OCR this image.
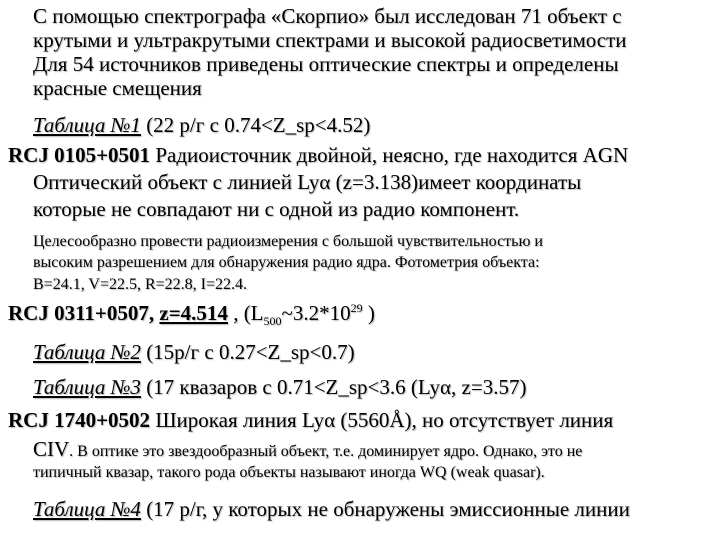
С помощью спектрографа «Скорпио» был исследован 71 объект с
крутыми и ультракрутыми спектрами и высокой радиосветимости
Для 54 источников приведены оптические спектры и определены
красные смещения
Таблица №1 (22 р/г с 0.74<Z_sp<4.52)
RCJ 0105+0501 Радиоисточник двойной, неясно, где находится AGN
Оптический объект с линией Lyα (z=3.138)имеет координаты
которые не совпадают ни с одной из радио компонент.
Целесообразно провести радиоизмерения с большой чувствительностью и
высоким разрешением для обнаружения радио ядра. Фотометрия объекта:
B=24.1, V=22.5, R=22.8, I=22.4.
RCJ 0311+0507, z=4.514 , ($L_{500}\sim 3.2*10^{29}$ )
Таблица №2 (15р/г с 0.27<Z_sp<0.7)
Таблица №3 (17 квазаров с 0.71<Z_sp<3.6 (Lyα, z=3.57)
RCJ 1740+0502 Широкая линия Lyα (5560Å), но отсутствует линия
CIV. В оптике это звездообразный объект, т.е. доминирует ядро. Однако, это не
типичный квазар, такого рода объекты называют иногда WQ (weak quasar).
Таблица №4 (17 р/г, у которых не обнаружены эмиссионные линии
